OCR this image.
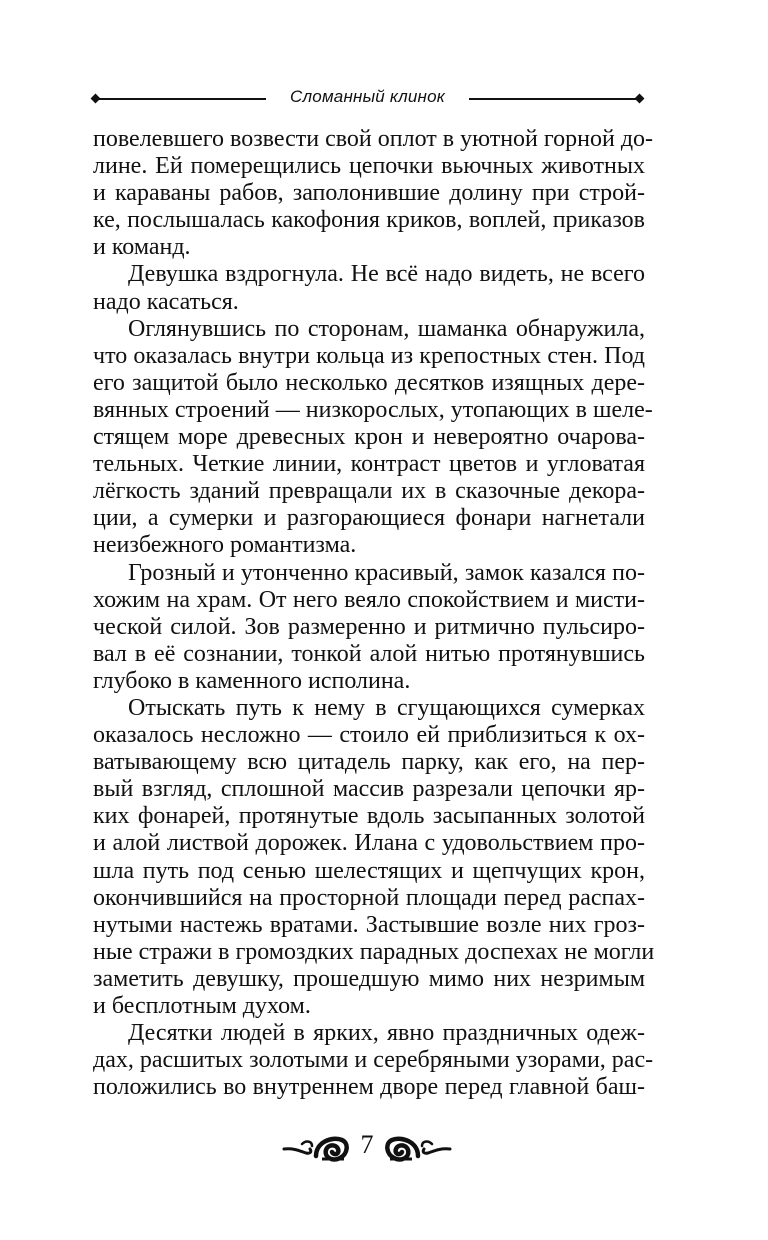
Сломанный клинок
повелевшего возвести свой оплот в уютной горной до-
лине. Ей померещились цепочки вьючных животных
и караваны рабов, заполонившие долину при строй-
ке, послышалась какофония криков, воплей, приказов
и команд.
Девушка вздрогнула. Не всё надо видеть, не всего
надо касаться.
Оглянувшись по сторонам, шаманка обнаружила,
что оказалась внутри кольца из крепостных стен. Под
его защитой было несколько десятков изящных дере-
вянных строений — низкорослых, утопающих в шеле-
стящем море древесных крон и невероятно очарова-
тельных. Четкие линии, контраст цветов и угловатая
лёгкость зданий превращали их в сказочные декора-
ции, а сумерки и разгорающиеся фонари нагнетали
неизбежного романтизма.
Грозный и утонченно красивый, замок казался по-
хожим на храм. От него веяло спокойствием и мисти-
ческой силой. Зов размеренно и ритмично пульсиро-
вал в её сознании, тонкой алой нитью протянувшись
глубоко в каменного исполина.
Отыскать путь к нему в сгущающихся сумерках
оказалось несложно — стоило ей приблизиться к ох-
ватывающему всю цитадель парку, как его, на пер-
вый взгляд, сплошной массив разрезали цепочки яр-
ких фонарей, протянутые вдоль засыпанных золотой
и алой листвой дорожек. Илана с удовольствием про-
шла путь под сенью шелестящих и щепчущих крон,
окончившийся на просторной площади перед распах-
нутыми настежь вратами. Застывшие возле них гроз-
ные стражи в громоздких парадных доспехах не могли
заметить девушку, прошедшую мимо них незримым
и бесплотным духом.
Десятки людей в ярких, явно праздничных одеж-
дах, расшитых золотыми и серебряными узорами, рас-
положились во внутреннем дворе перед главной баш-
7
